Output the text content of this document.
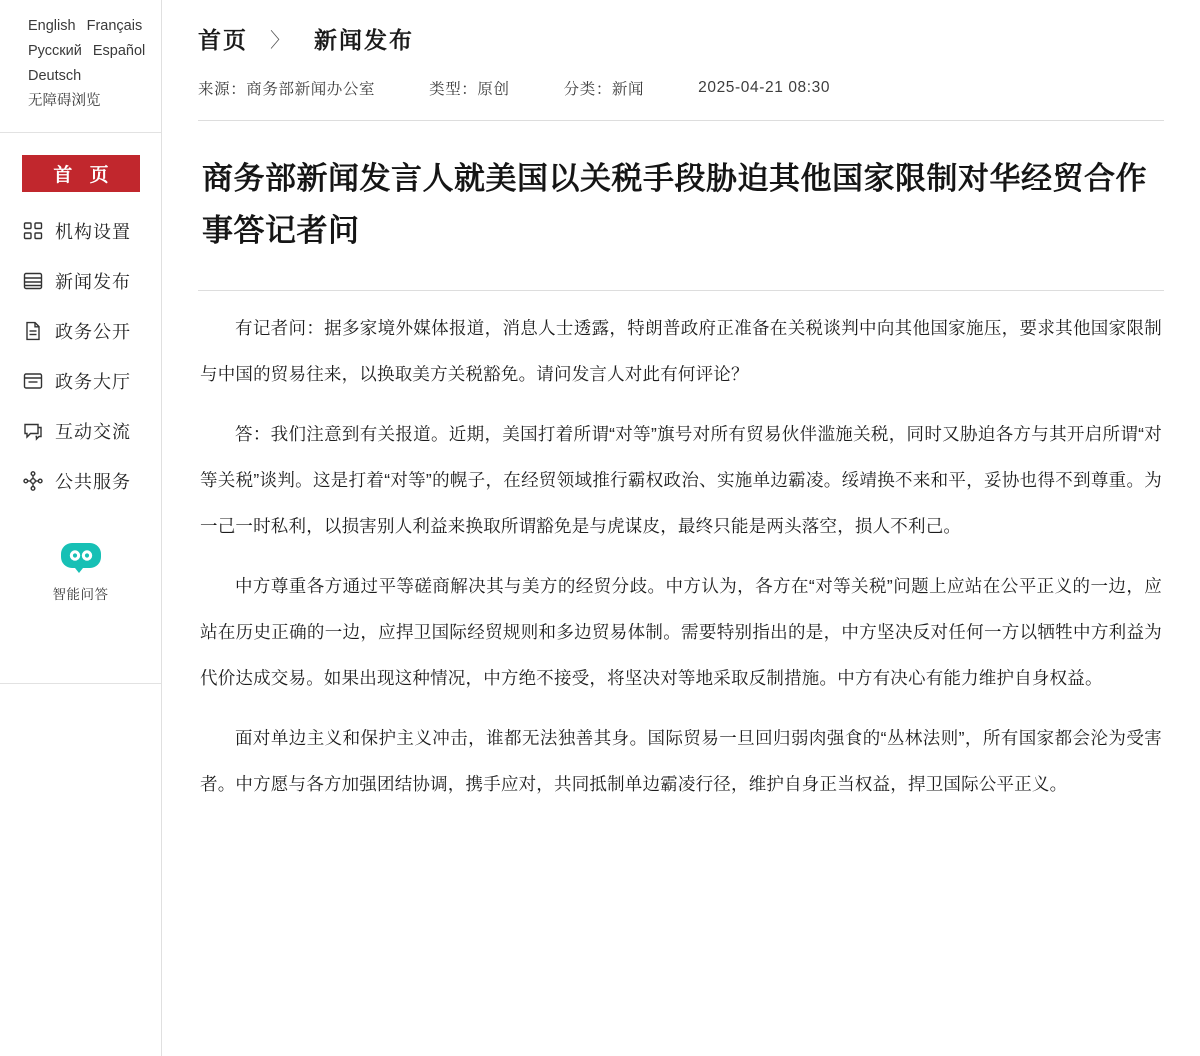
English Français
Русский Español
Deutsch
无障碍浏览
首 页
机构设置
新闻发布
政务公开
政务大厅
互动交流
公共服务
智能问答
首页 〉 新闻发布
来源：商务部新闻办公室	类型：原创	分类：新闻	2025-04-21 08:30
商务部新闻发言人就美国以关税手段胁迫其他国家限制对华经贸合作事答记者问

有记者问：据多家境外媒体报道，消息人士透露，特朗普政府正准备在关税谈判中向其他国家施压，要求其他国家限制与中国的贸易往来，以换取美方关税豁免。请问发言人对此有何评论？

答：我们注意到有关报道。近期，美国打着所谓“对等”旗号对所有贸易伙伴滥施关税，同时又胁迫各方与其开启所谓“对等关税”谈判。这是打着“对等”的幌子，在经贸领域推行霸权政治、实施单边霸凌。绥靖换不来和平，妥协也得不到尊重。为一己一时私利，以损害别人利益来换取所谓豁免是与虎谋皮，最终只能是两头落空，损人不利己。

中方尊重各方通过平等磋商解决其与美方的经贸分歧。中方认为，各方在“对等关税”问题上应站在公平正义的一边，应站在历史正确的一边，应捍卫国际经贸规则和多边贸易体制。需要特别指出的是，中方坚决反对任何一方以牺牲中方利益为代价达成交易。如果出现这种情况，中方绝不接受，将坚决对等地采取反制措施。中方有决心有能力维护自身权益。

面对单边主义和保护主义冲击，谁都无法独善其身。国际贸易一旦回归弱肉强食的“丛林法则”，所有国家都会沦为受害者。中方愿与各方加强团结协调，携手应对，共同抵制单边霸凌行径，维护自身正当权益，捍卫国际公平正义。
